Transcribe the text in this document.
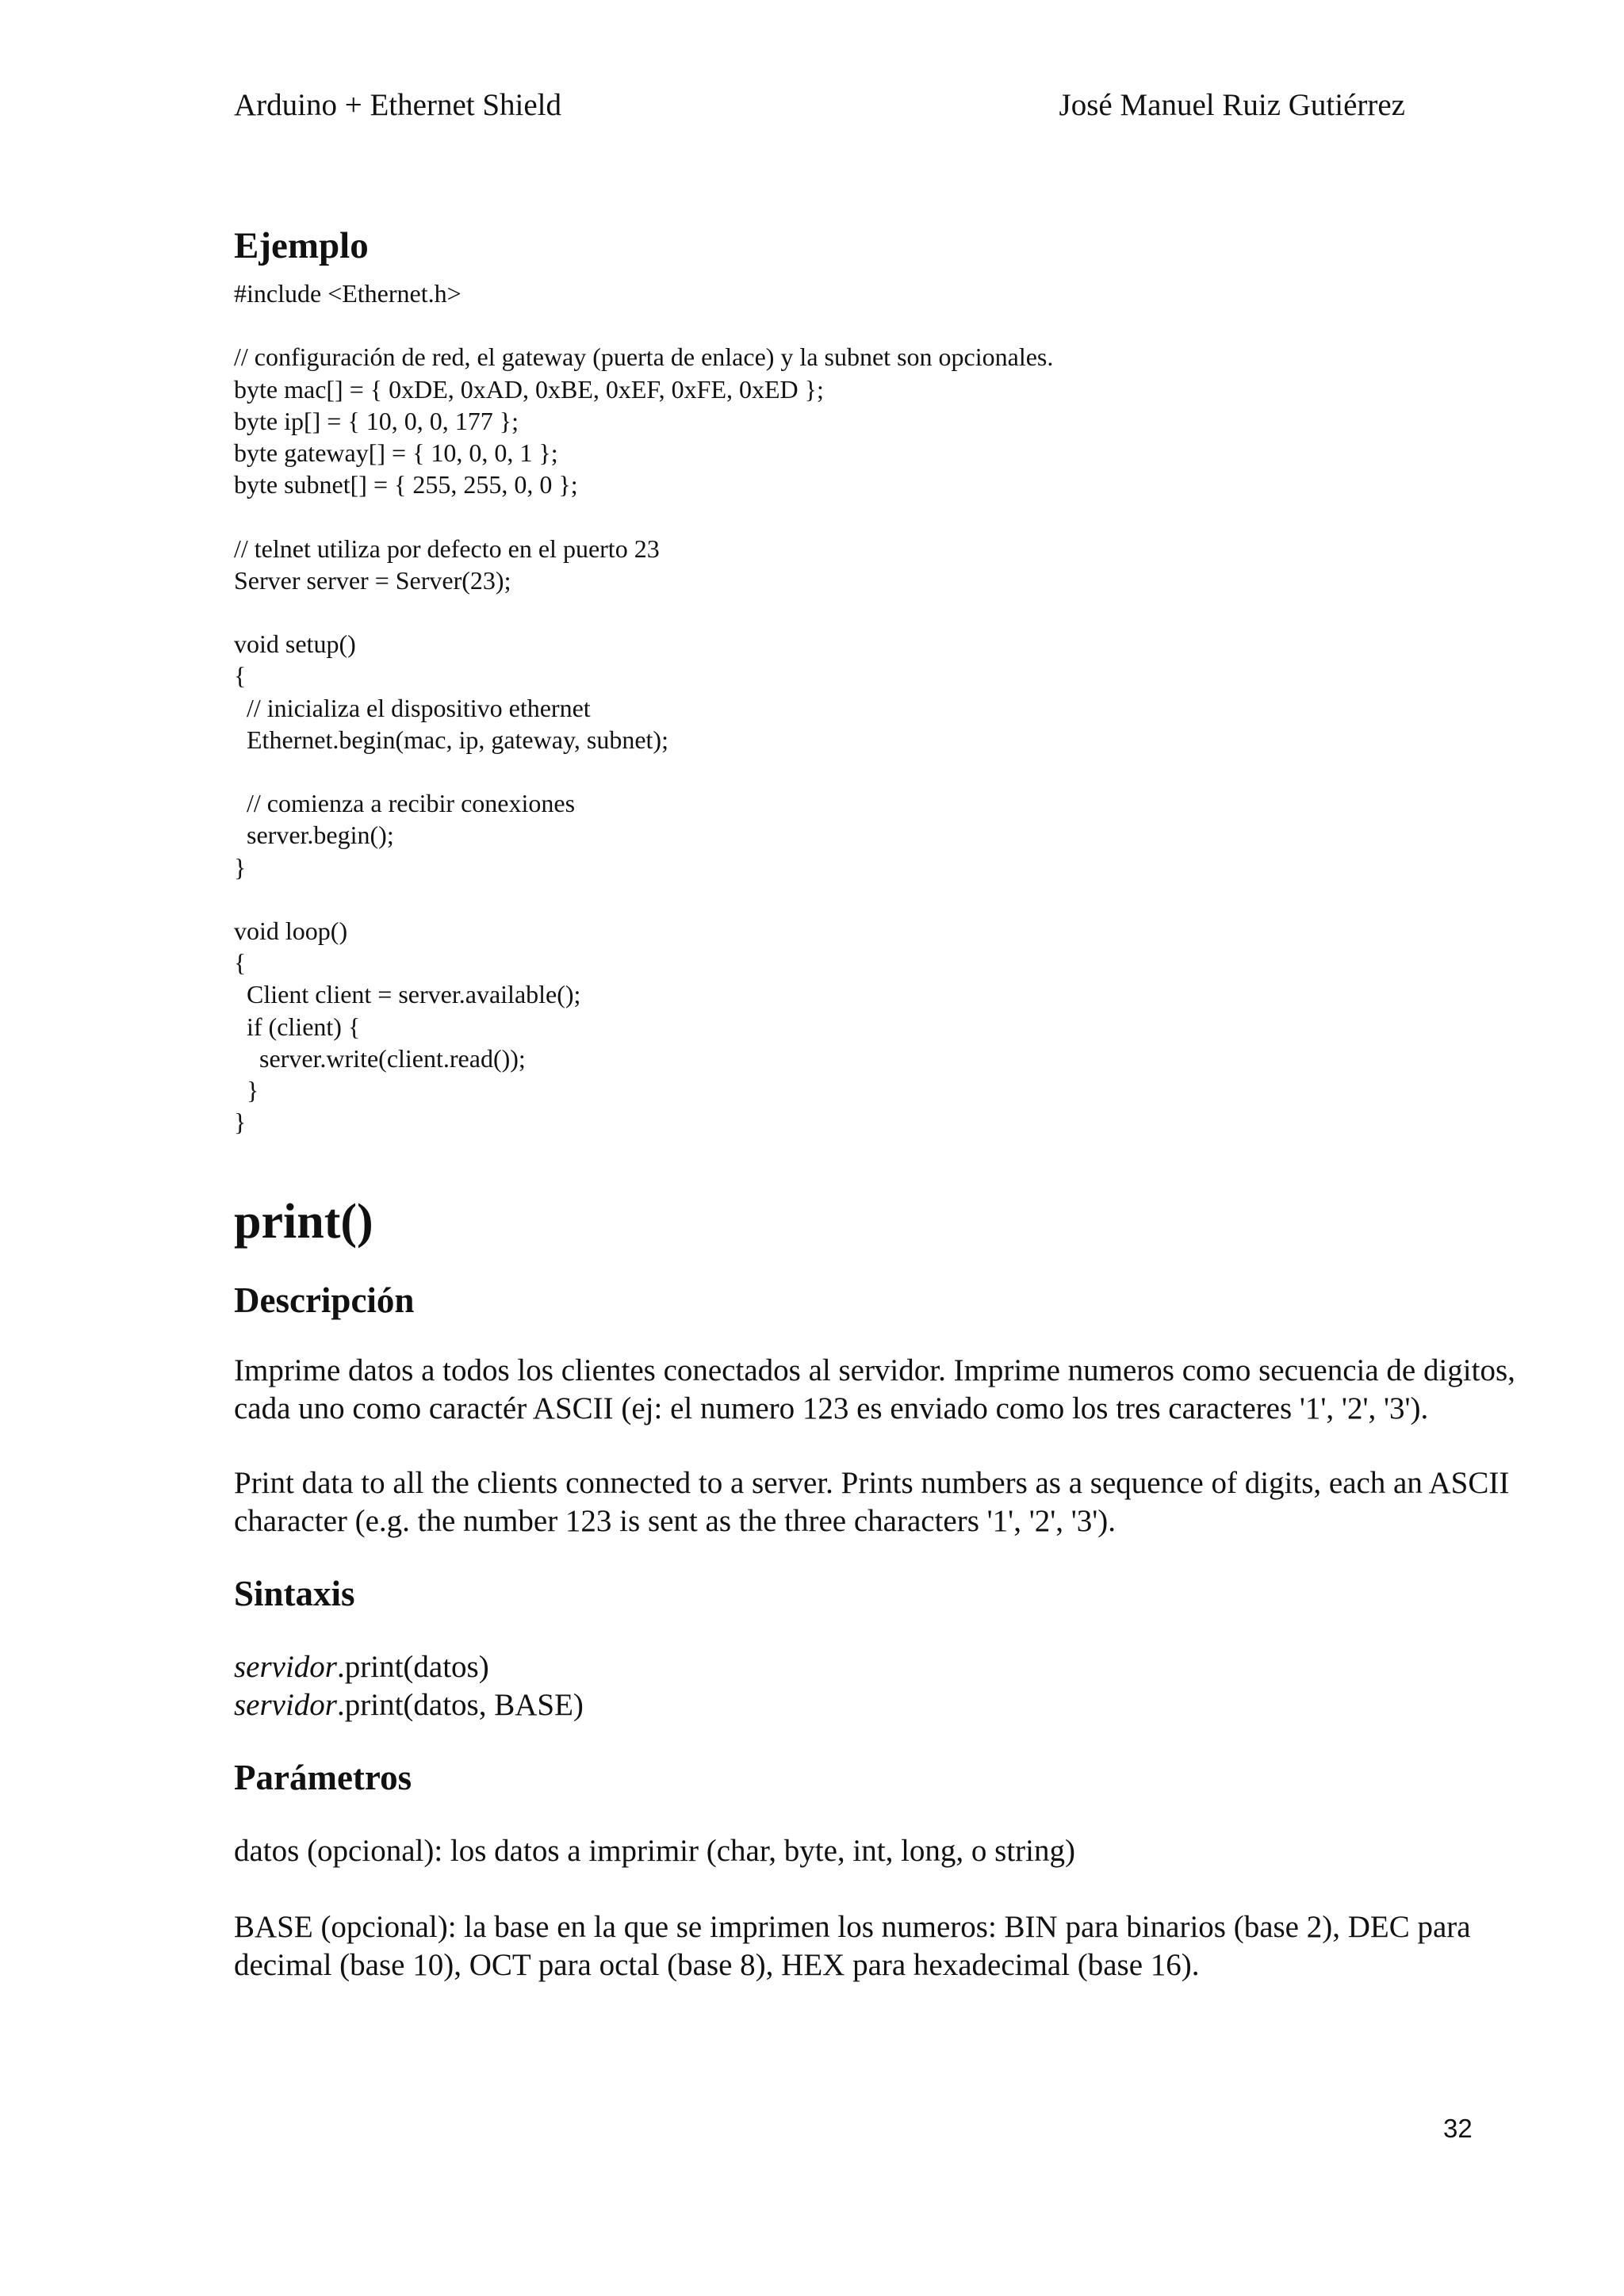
Arduino + Ethernet Shield	José Manuel Ruiz Gutiérrez
Ejemplo
#include <Ethernet.h>

// configuración de red, el gateway (puerta de enlace) y la subnet son opcionales.
byte mac[] = { 0xDE, 0xAD, 0xBE, 0xEF, 0xFE, 0xED };
byte ip[] = { 10, 0, 0, 177 };
byte gateway[] = { 10, 0, 0, 1 };
byte subnet[] = { 255, 255, 0, 0 };

// telnet utiliza por defecto en el puerto 23
Server server = Server(23);

void setup()
{
// inicializa el dispositivo ethernet
Ethernet.begin(mac, ip, gateway, subnet);

// comienza a recibir conexiones
server.begin();
}

void loop()
{
Client client = server.available();
if (client) {
server.write(client.read());
}
}
print()
Descripción

Imprime datos a todos los clientes conectados al servidor. Imprime numeros como secuencia de digitos, cada uno como caractér ASCII (ej: el numero 123 es enviado como los tres caracteres '1', '2', '3').

Print data to all the clients connected to a server. Prints numbers as a sequence of digits, each an ASCII character (e.g. the number 123 is sent as the three characters '1', '2', '3').

Sintaxis

servidor.print(datos)

servidor.print(datos, BASE)

Parámetros

datos (opcional): los datos a imprimir (char, byte, int, long, o string)

BASE (opcional): la base en la que se imprimen los numeros: BIN para binarios (base 2), DEC para decimal (base 10), OCT para octal (base 8), HEX para hexadecimal (base 16).

32
